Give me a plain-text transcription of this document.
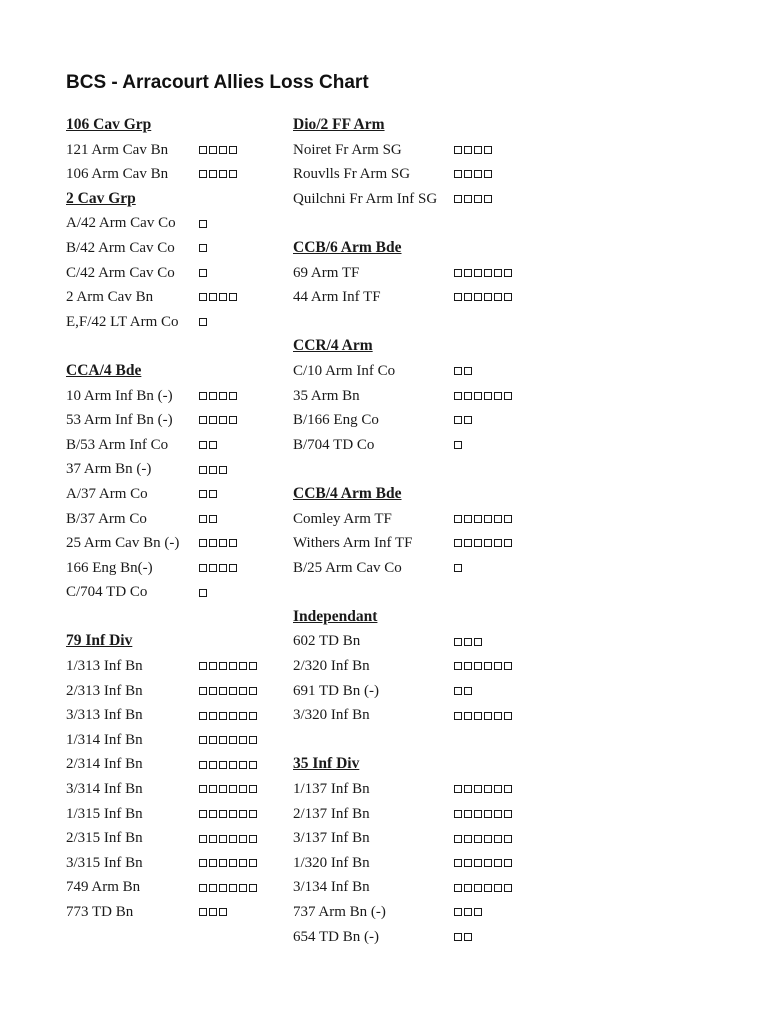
BCS - Arracourt Allies Loss Chart
106 Cav Grp
121 Arm Cav Bn
106 Arm Cav Bn
2 Cav Grp
A/42 Arm Cav Co
B/42 Arm Cav Co
C/42 Arm Cav Co
2 Arm Cav Bn
E,F/42 LT Arm Co
CCA/4 Bde
10 Arm Inf Bn (-)
53 Arm Inf Bn (-)
B/53 Arm Inf Co
37 Arm Bn (-)
A/37 Arm Co
B/37 Arm Co
25 Arm Cav Bn (-)
166 Eng Bn(-)
C/704 TD Co
79 Inf Div
1/313 Inf Bn
2/313 Inf Bn
3/313 Inf Bn
1/314 Inf Bn
2/314 Inf Bn
3/314 Inf Bn
1/315 Inf Bn
2/315 Inf Bn
3/315 Inf Bn
749 Arm Bn
773 TD Bn
Dio/2 FF Arm
Noiret Fr Arm SG
Rouvlls Fr Arm SG
Quilchni Fr Arm Inf SG
CCB/6 Arm Bde
69 Arm TF
44 Arm Inf TF
CCR/4 Arm
C/10 Arm Inf Co
35 Arm Bn
B/166 Eng Co
B/704 TD Co
CCB/4 Arm Bde
Comley Arm TF
Withers Arm Inf TF
B/25 Arm Cav Co
Independant
602 TD Bn
2/320 Inf Bn
691 TD Bn (-)
3/320 Inf Bn
35 Inf Div
1/137 Inf Bn
2/137 Inf Bn
3/137 Inf Bn
1/320 Inf Bn
3/134 Inf Bn
737 Arm Bn (-)
654 TD Bn (-)
